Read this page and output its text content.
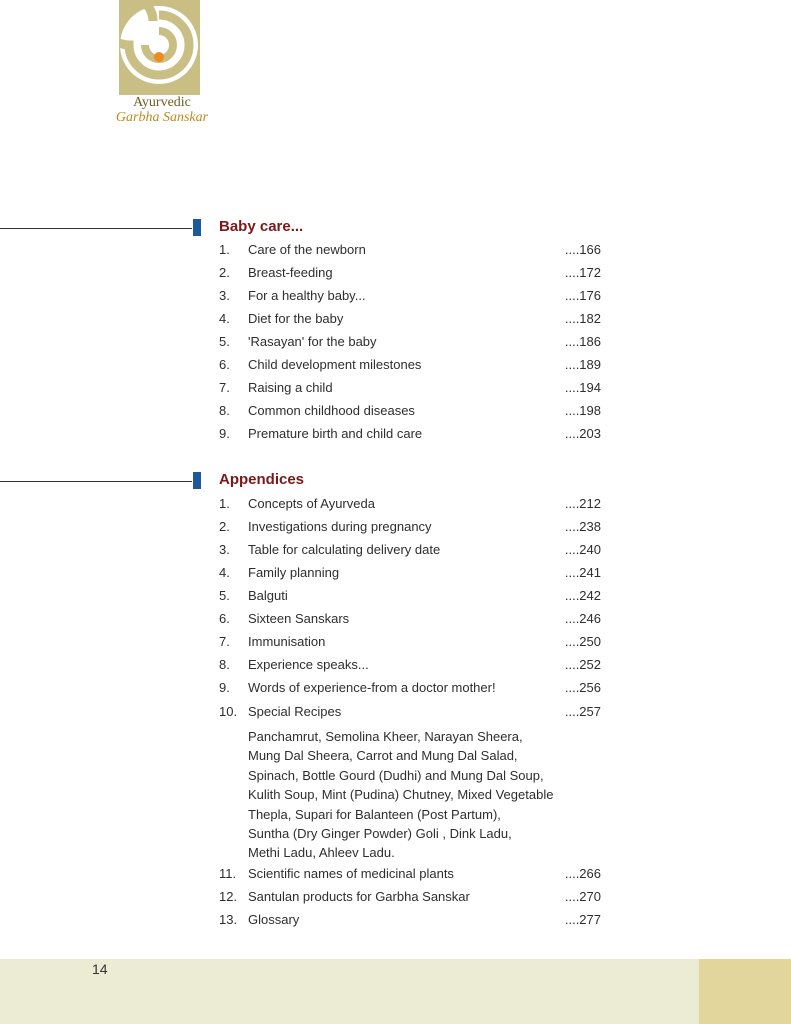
Ayurvedic
Garbha Sanskar
Baby care...
1. Care of the newborn	....166
2. Breast-feeding	....172
3. For a healthy baby...	....176
4. Diet for the baby	....182
5. 'Rasayan' for the baby	....186
6. Child development milestones	....189
7. Raising a child	....194
8. Common childhood diseases	....198
9. Premature birth and child care	....203
Appendices
1. Concepts of Ayurveda	....212
2. Investigations during pregnancy	....238
3. Table for calculating delivery date	....240
4. Family planning	....241
5. Balguti	....242
6. Sixteen Sanskars	....246
7. Immunisation	....250
8. Experience speaks...	....252
9. Words of experience-from a doctor mother!	....256
10. Special Recipes	....257
11. Scientific names of medicinal plants	....266
12. Santulan products for Garbha Sanskar	....270
13. Glossary	....277
Panchamrut, Semolina Kheer, Narayan Sheera,
Mung Dal Sheera, Carrot and Mung Dal Salad,
Spinach, Bottle Gourd (Dudhi) and Mung Dal Soup,
Kulith Soup, Mint (Pudina) Chutney, Mixed Vegetable
Thepla, Supari for Balanteen (Post Partum),
Suntha (Dry Ginger Powder) Goli , Dink Ladu,
Methi Ladu, Ahleev Ladu.
14
